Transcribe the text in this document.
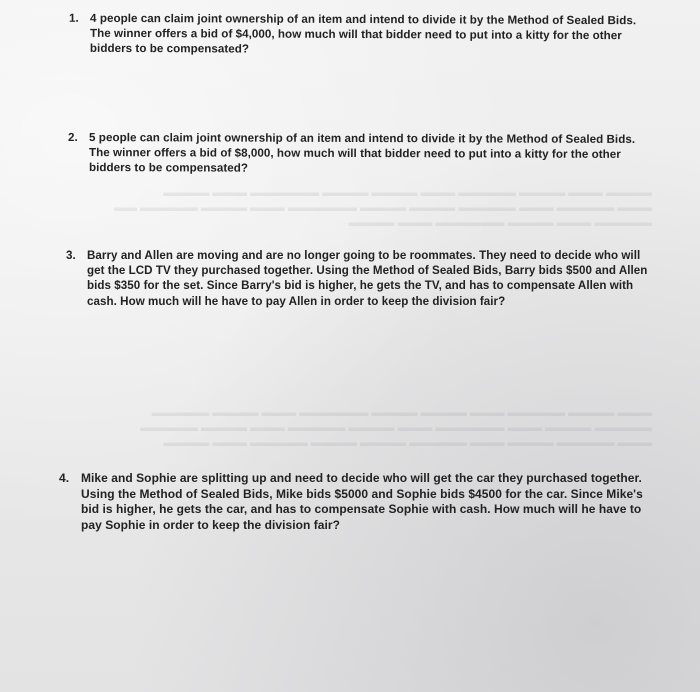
▬▬▬▬ ▬▬▬ ▬▬▬▬ ▬▬▬▬▬ ▬▬▬ ▬▬▬▬ ▬▬▬▬ ▬▬▬▬▬▬ ▬▬▬ ▬▬▬▬
▬▬▬ ▬▬▬▬▬ ▬▬▬ ▬▬▬▬▬ ▬▬▬▬ ▬▬▬▬ ▬▬▬▬▬▬ ▬▬▬ ▬▬▬▬ ▬▬▬▬▬ ▬▬
▬▬▬▬▬ ▬▬▬ ▬▬▬▬ ▬▬▬▬▬▬ ▬▬▬ ▬▬▬▬
▬▬▬ ▬▬▬▬ ▬▬▬▬▬ ▬▬▬ ▬▬▬▬ ▬▬▬▬ ▬▬▬▬▬▬ ▬▬▬ ▬▬▬▬ ▬▬▬▬▬
▬▬▬▬▬ ▬▬▬▬ ▬▬▬ ▬▬▬▬▬▬ ▬▬▬ ▬▬▬▬ ▬▬▬▬▬ ▬▬▬ ▬▬▬▬ ▬▬▬▬▬
▬▬▬ ▬▬▬▬▬ ▬▬▬▬ ▬▬▬ ▬▬▬▬▬ ▬▬▬▬ ▬▬▬▬ ▬▬▬▬▬ ▬▬▬ ▬▬▬▬
1. 4 people can claim joint ownership of an item and intend to divide it by the Method of Sealed Bids. The winner offers a bid of $4,000, how much will that bidder need to put into a kitty for the other bidders to be compensated?
2. 5 people can claim joint ownership of an item and intend to divide it by the Method of Sealed Bids. The winner offers a bid of $8,000, how much will that bidder need to put into a kitty for the other bidders to be compensated?
3. Barry and Allen are moving and are no longer going to be roommates. They need to decide who will get the LCD TV they purchased together. Using the Method of Sealed Bids, Barry bids $500 and Allen bids $350 for the set. Since Barry's bid is higher, he gets the TV, and has to compensate Allen with cash. How much will he have to pay Allen in order to keep the division fair?
4. Mike and Sophie are splitting up and need to decide who will get the car they purchased together. Using the Method of Sealed Bids, Mike bids $5000 and Sophie bids $4500 for the car. Since Mike's bid is higher, he gets the car, and has to compensate Sophie with cash. How much will he have to pay Sophie in order to keep the division fair?
